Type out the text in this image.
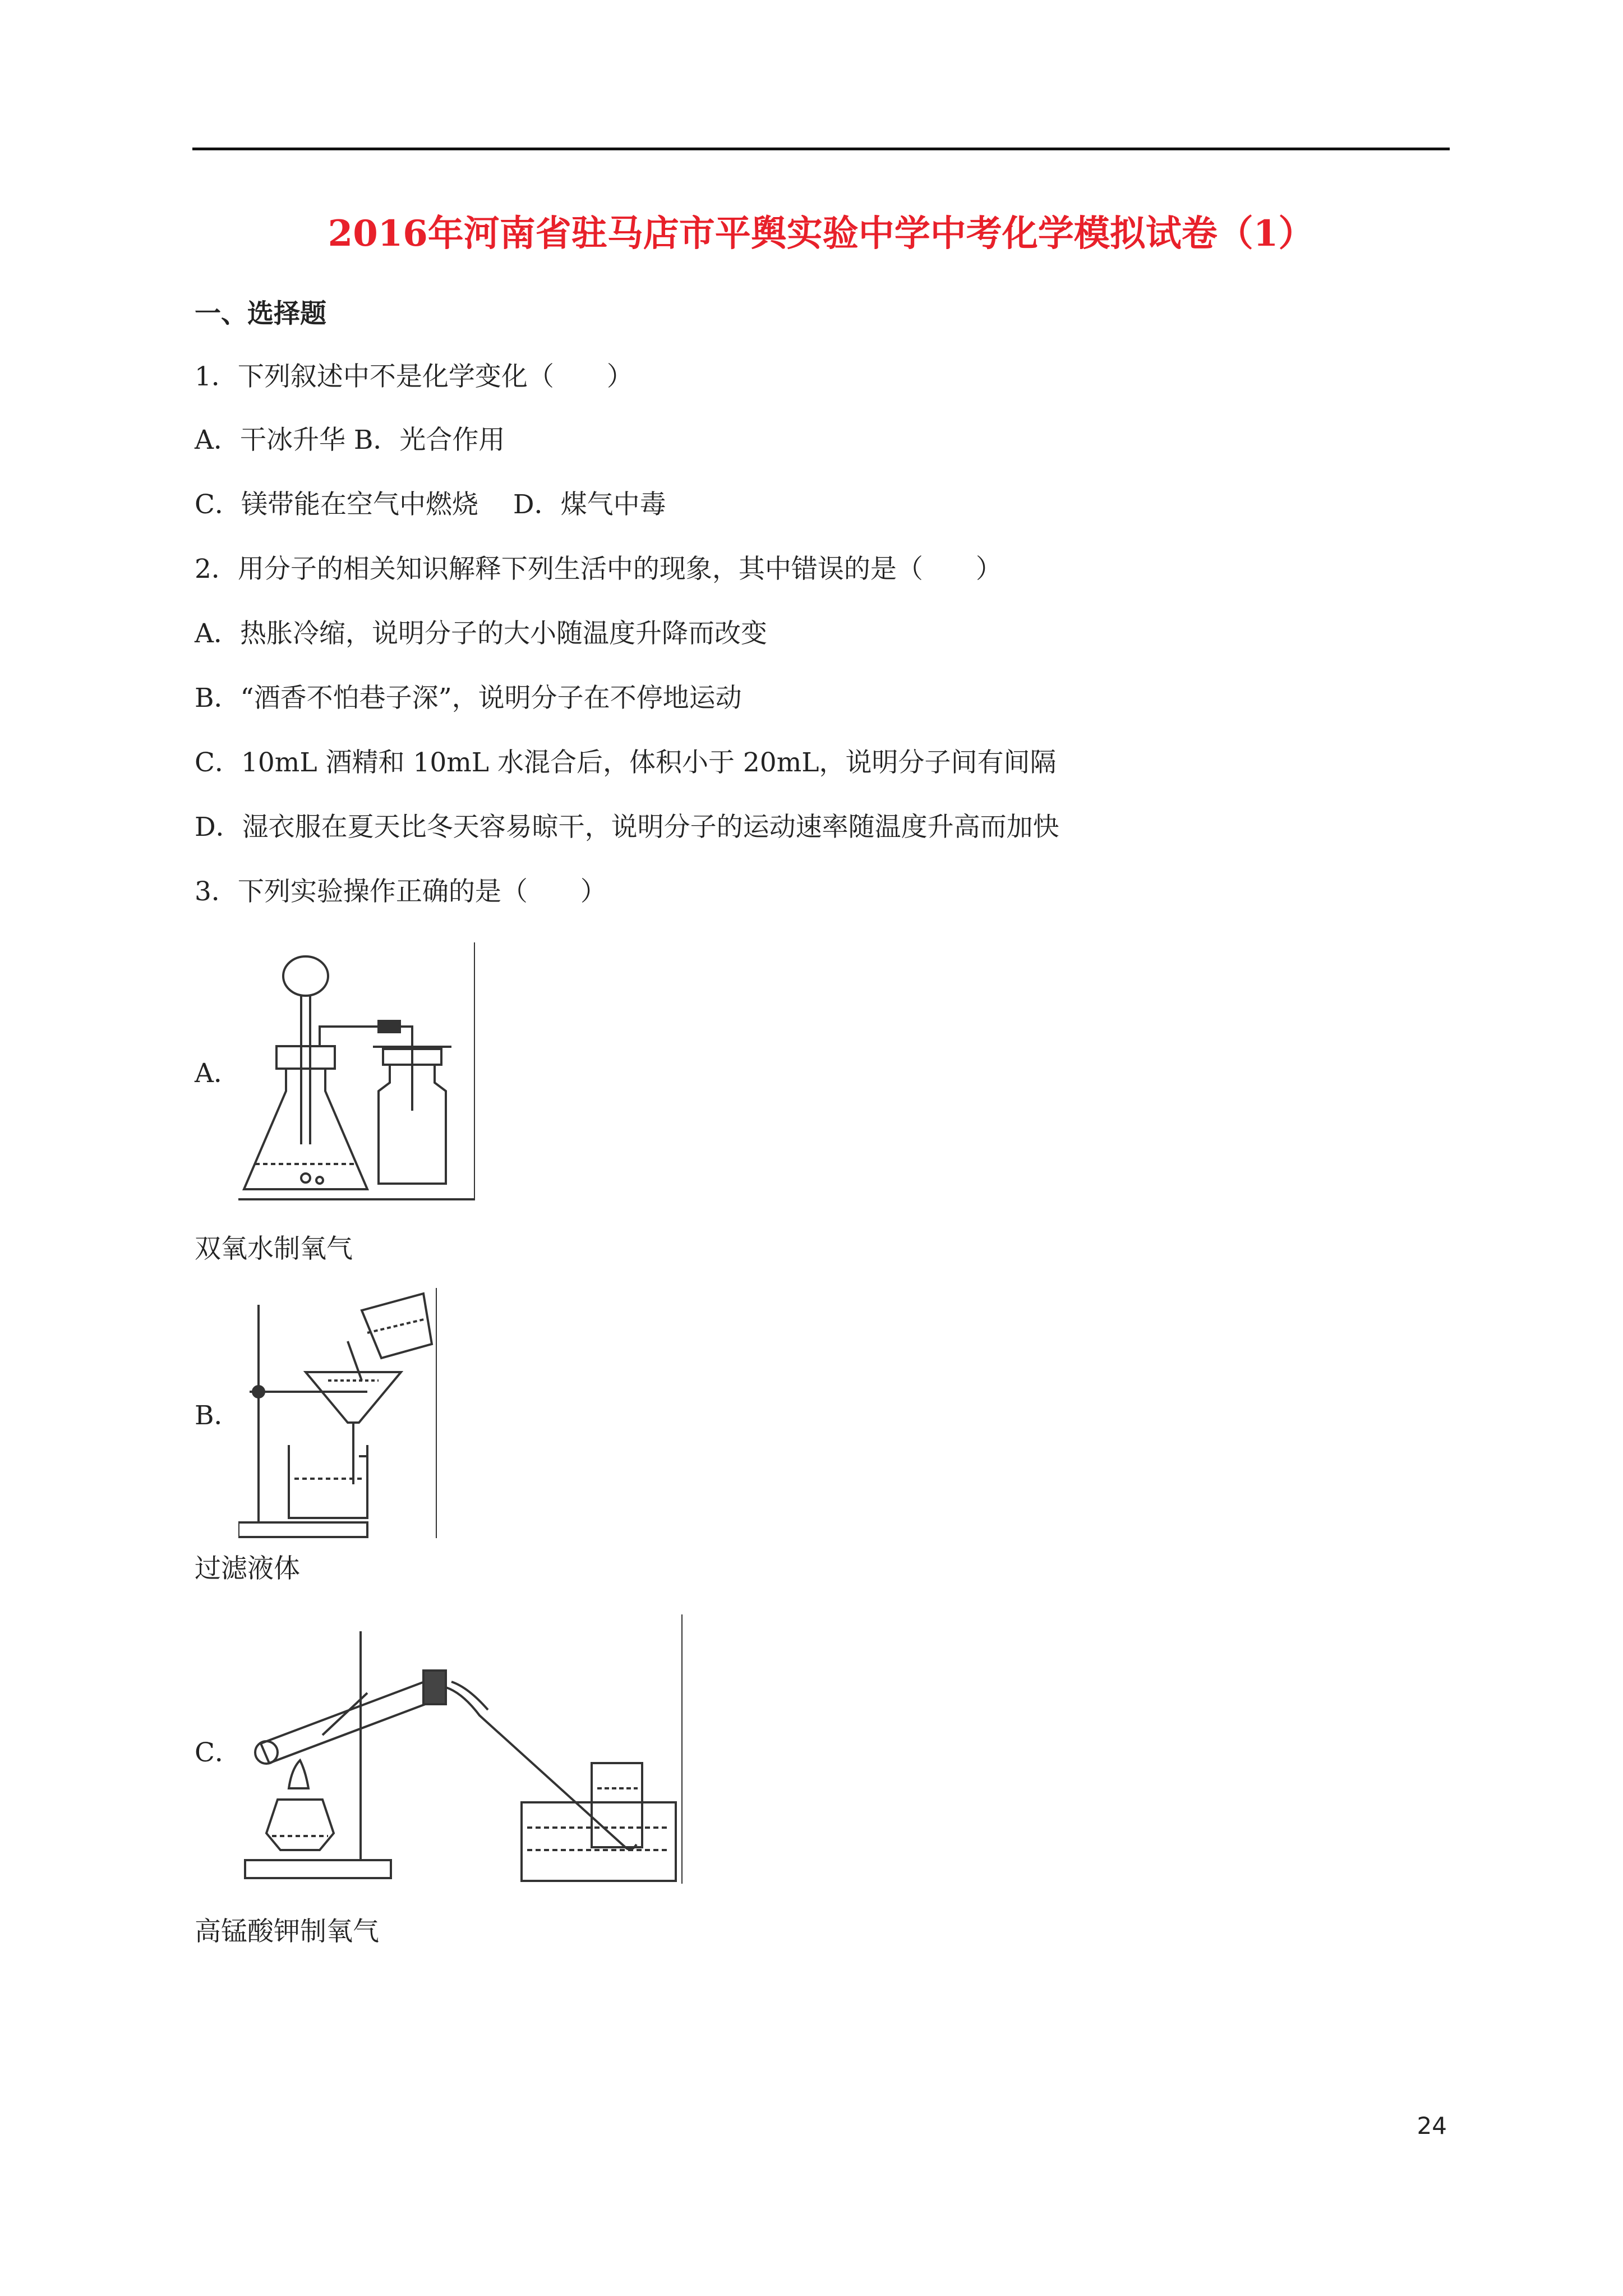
2016年河南省驻马店市平舆实验中学中考化学模拟试卷（1）
一、选择题
1．下列叙述中不是化学变化（　　）
A．干冰升华 B．光合作用
C．镁带能在空气中燃烧　 D．煤气中毒
2．用分子的相关知识解释下列生活中的现象，其中错误的是（　　）
A．热胀冷缩，说明分子的大小随温度升降而改变
B．“酒香不怕巷子深”，说明分子在不停地运动
C．10mL 酒精和 10mL 水混合后，体积小于 20mL，说明分子间有间隔
D．湿衣服在夏天比冬天容易晾干，说明分子的运动速率随温度升高而加快
3．下列实验操作正确的是（　　）
A．
双氧水制氧气
B．
过滤液体
C．
高锰酸钾制氧气
24
